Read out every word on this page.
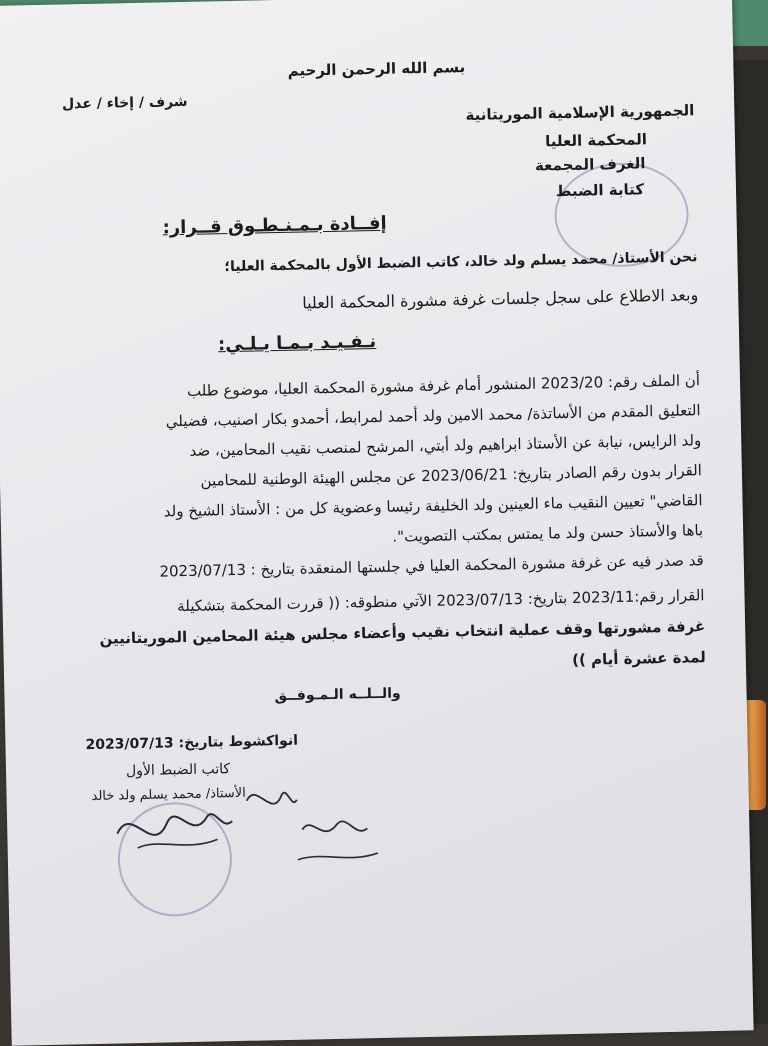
بسم الله الرحمن الرحيم
شرف / إخاء / عدل	الجمهورية الإسلامية الموريتانية
المحكمة العليا
الغرف المجمعة
كتابة الضبط
إفــادة بـمـنـطـوق قــرار:
نحن الأستاذ/ محمد يسلم ولد خالد، كاتب الضبط الأول بالمحكمة العليا؛
وبعد الاطلاع على سجل جلسات غرفة مشورة المحكمة العليا
نـفـيـد بـمـا يـلـي:
أن الملف رقم: 2023/20 المنشور أمام غرفة مشورة المحكمة العليا، موضوع طلب
التعليق المقدم من الأساتذة/ محمد الامين ولد أحمد لمرابط، أحمدو بكار اصنيب، فضيلي
ولد الرايس، نيابة عن الأستاذ ابراهيم ولد أبتي، المرشح لمنصب نقيب المحامين، ضد
القرار بدون رقم الصادر بتاريخ: 2023/06/21 عن مجلس الهيئة الوطنية للمحامين
القاضي" تعيين النقيب ماء العينين ولد الخليفة رئيسا وعضوية كل من : الأستاذ الشيخ ولد
باها والأستاذ حسن ولد ما يمتس بمكتب التصويت".
قد صدر فيه عن غرفة مشورة المحكمة العليا في جلستها المنعقدة بتاريخ : 2023/07/13
القرار رقم:2023/11 بتاريخ: 2023/07/13 الآتي منطوقه: (( قررت المحكمة بتشكيلة
غرفة مشورتها وقف عملية انتخاب نقيب وأعضاء مجلس هيئة المحامين الموريتانيين
لمدة عشرة أيام ))
والــلــه الـمـوفــق
انواكشوط بتاريخ: 2023/07/13
كاتب الضبط الأول
الأستاذ/ محمد يسلم ولد خالد
